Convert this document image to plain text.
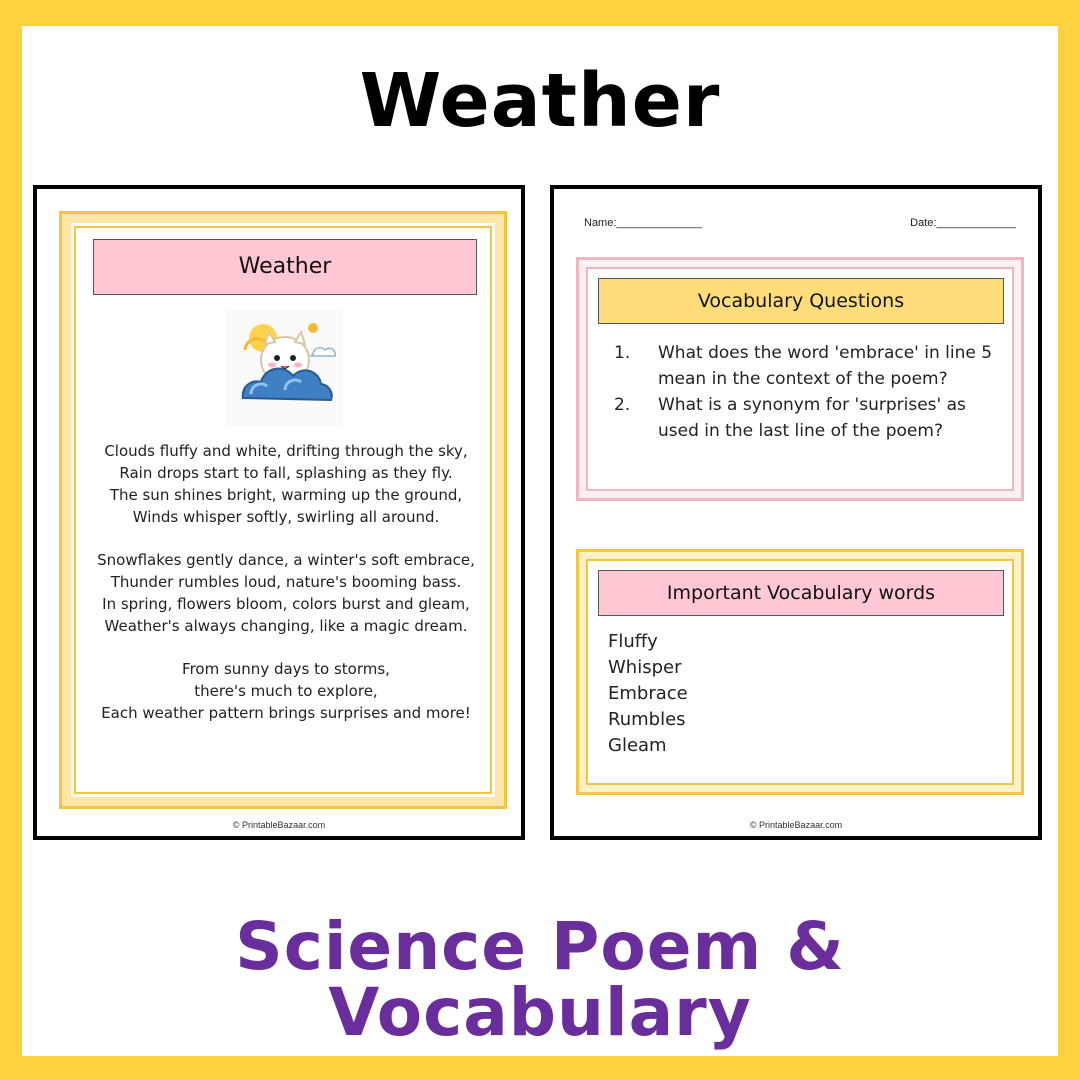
Weather
Weather
Clouds fluffy and white, drifting through the sky,
Rain drops start to fall, splashing as they fly.
The sun shines bright, warming up the ground,
Winds whisper softly, swirling all around.
Snowflakes gently dance, a winter's soft embrace,
Thunder rumbles loud, nature's booming bass.
In spring, flowers bloom, colors burst and gleam,
Weather's always changing, like a magic dream.
From sunny days to storms, there's much to explore,
Each weather pattern brings surprises and more!
© PrintableBazaar.com
Name:______________	Date:_____________
Vocabulary Questions
1. What does the word 'embrace' in line 5 mean in the context of the poem?
2. What is a synonym for 'surprises' as used in the last line of the poem?
Important Vocabulary words
Fluffy
Whisper
Embrace
Rumbles
Gleam
© PrintableBazaar.com
Science Poem & Vocabulary
